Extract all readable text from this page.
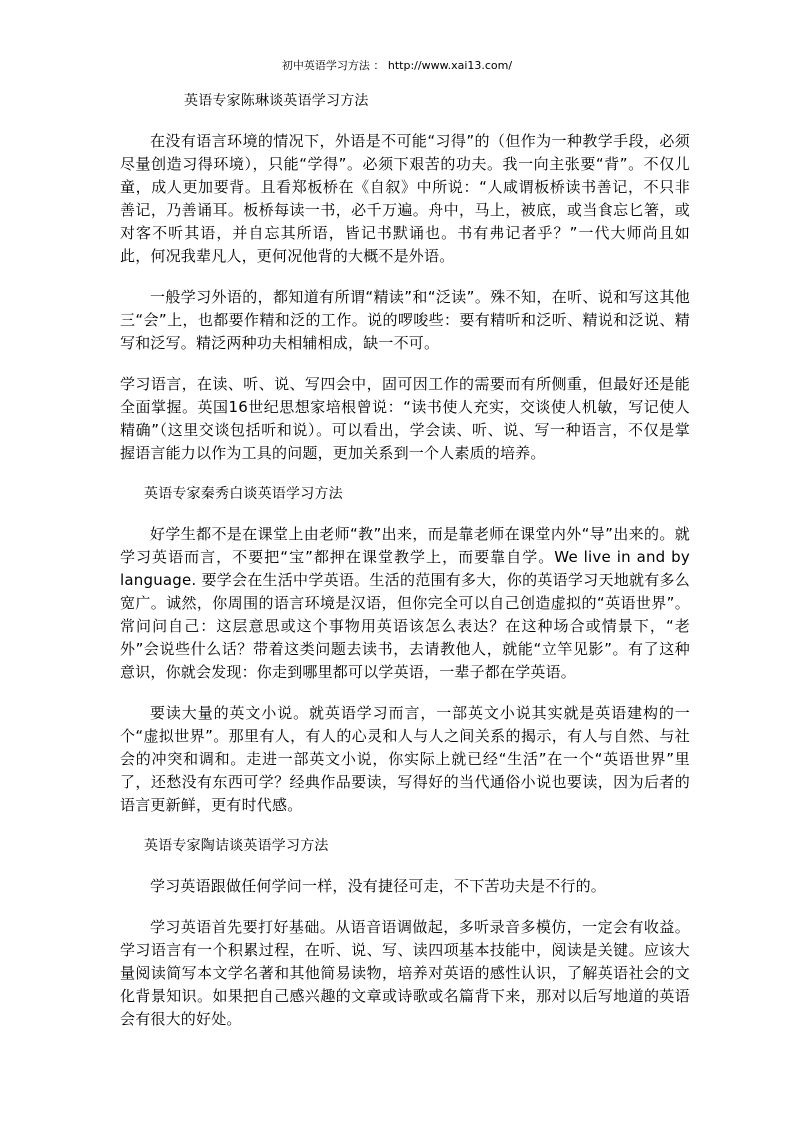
初中英语学习方法 ： http://www.xai13.com/
英语专家陈琳谈英语学习方法

在没有语言环境的情况下，外语是不可能“习得”的（但作为一种教学手段，必须尽量创造习得环境），只能“学得”。必须下艰苦的功夫。我一向主张要“背”。不仅儿童，成人更加要背。且看郑板桥在《自叙》中所说：“人咸谓板桥读书善记，不只非善记，乃善诵耳。板桥每读一书，必千万遍。舟中，马上，被底，或当食忘匕箸，或对客不听其语，并自忘其所语，皆记书默诵也。书有弗记者乎？”一代大师尚且如此，何况我辈凡人，更何况他背的大概不是外语。

一般学习外语的，都知道有所谓“精读”和“泛读”。殊不知，在听、说和写这其他三“会”上，也都要作精和泛的工作。说的啰唆些：要有精听和泛听、精说和泛说、精写和泛写。精泛两种功夫相辅相成，缺一不可。

学习语言，在读、听、说、写四会中，固可因工作的需要而有所侧重，但最好还是能全面掌握。英国16世纪思想家培根曾说：“读书使人充实，交谈使人机敏，写记使人精确”（这里交谈包括听和说）。可以看出，学会读、听、说、写一种语言，不仅是掌握语言能力以作为工具的问题，更加关系到一个人素质的培养。

英语专家秦秀白谈英语学习方法

好学生都不是在课堂上由老师“教”出来，而是靠老师在课堂内外“导”出来的。就学习英语而言，不要把“宝”都押在课堂教学上，而要靠自学。We live in and by language. 要学会在生活中学英语。生活的范围有多大，你的英语学习天地就有多么宽广。诚然，你周围的语言环境是汉语，但你完全可以自己创造虚拟的“英语世界”。常问问自己：这层意思或这个事物用英语该怎么表达？在这种场合或情景下，“老外”会说些什么话？带着这类问题去读书，去请教他人，就能“立竿见影”。有了这种意识，你就会发现：你走到哪里都可以学英语，一辈子都在学英语。

要读大量的英文小说。就英语学习而言，一部英文小说其实就是英语建构的一个“虚拟世界”。那里有人，有人的心灵和人与人之间关系的揭示，有人与自然、与社会的冲突和调和。走进一部英文小说，你实际上就已经“生活”在一个“英语世界”里了，还愁没有东西可学？经典作品要读，写得好的当代通俗小说也要读，因为后者的语言更新鲜，更有时代感。

英语专家陶诘谈英语学习方法

学习英语跟做任何学问一样，没有捷径可走，不下苦功夫是不行的。

学习英语首先要打好基础。从语音语调做起，多听录音多模仿，一定会有收益。学习语言有一个积累过程，在听、说、写、读四项基本技能中，阅读是关键。应该大量阅读简写本文学名著和其他简易读物，培养对英语的感性认识，了解英语社会的文化背景知识。如果把自己感兴趣的文章或诗歌或名篇背下来，那对以后写地道的英语会有很大的好处。
